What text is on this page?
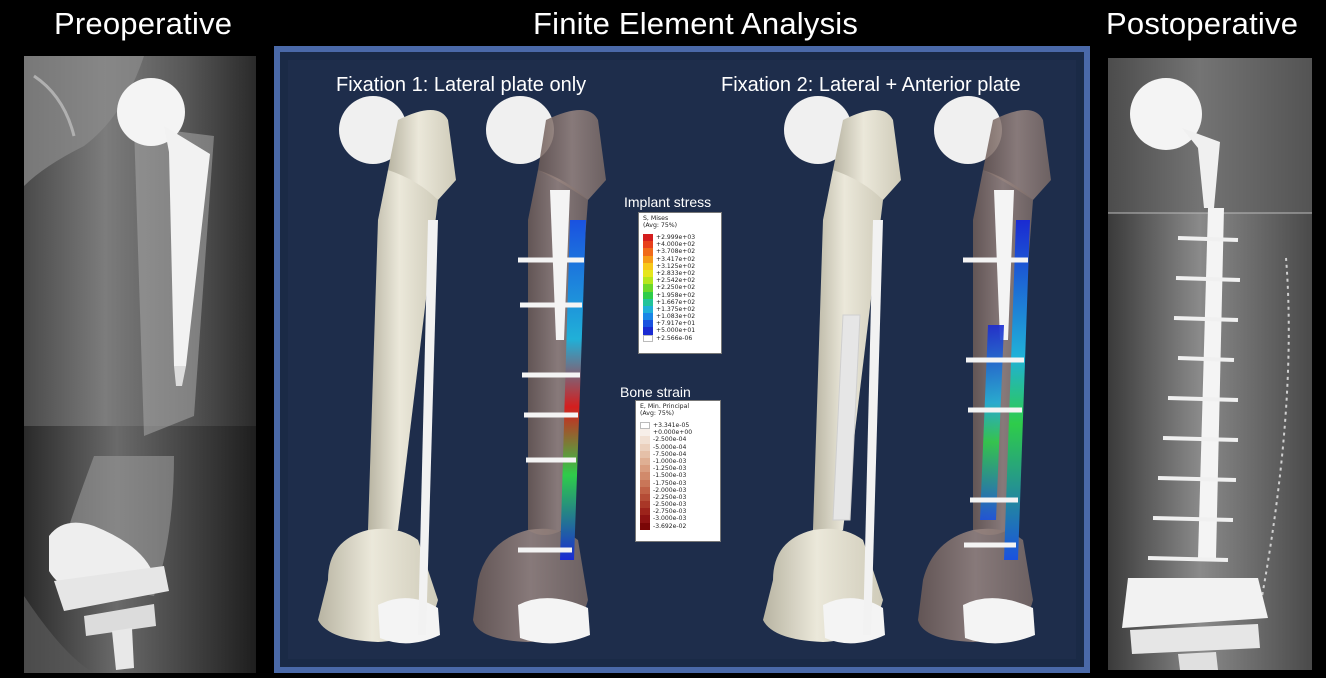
Preoperative	Finite Element Analysis	Postoperative
Fixation 1: Lateral plate only	Fixation 2: Lateral + Anterior plate
Implant stress
S, Mises
(Avg: 75%)
+2.999e+03
+4.000e+02
+3.708e+02
+3.417e+02
+3.125e+02
+2.833e+02
+2.542e+02
+2.250e+02
+1.958e+02
+1.667e+02
+1.375e+02
+1.083e+02
+7.917e+01
+5.000e+01
+2.566e-06
Bone strain
E, Min. Principal
(Avg: 75%)
+3.341e-05
+0.000e+00
-2.500e-04
-5.000e-04
-7.500e-04
-1.000e-03
-1.250e-03
-1.500e-03
-1.750e-03
-2.000e-03
-2.250e-03
-2.500e-03
-2.750e-03
-3.000e-03
-3.692e-02
